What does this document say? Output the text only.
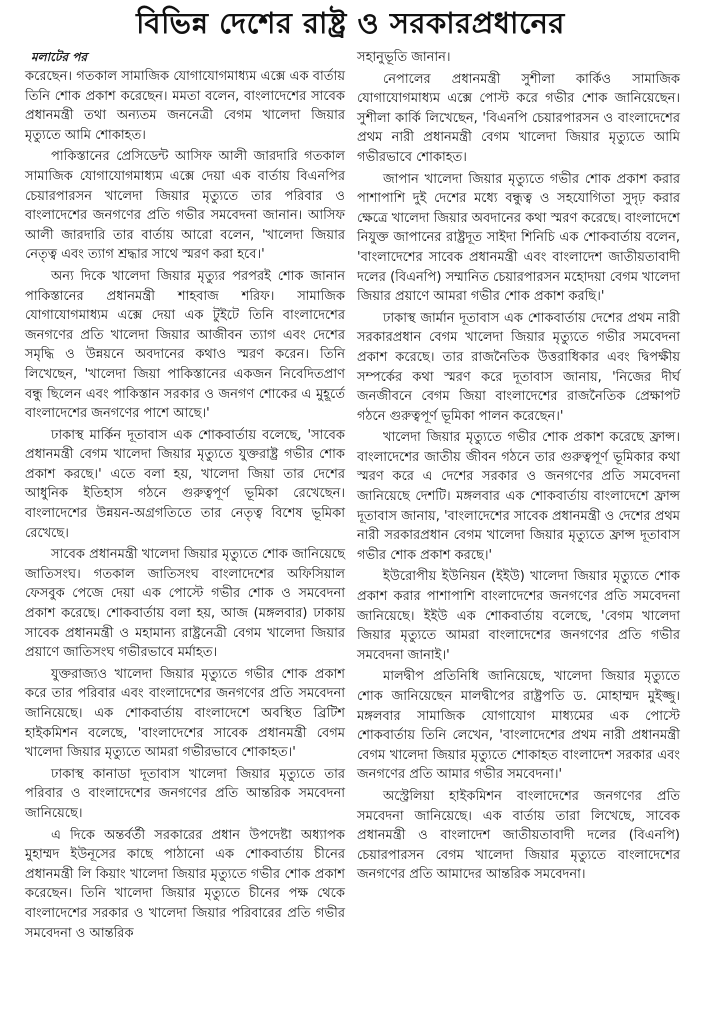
বিভিন্ন দেশের রাষ্ট্র ও সরকারপ্রধানের
মলাটের পর

করেছেন। গতকাল সামাজিক যোগাযোগমাধ্যম এক্সে এক বার্তায় তিনি শোক প্রকাশ করেছেন। মমতা বলেন, বাংলাদেশের সাবেক প্রধানমন্ত্রী তথা অন্যতম জননেত্রী বেগম খালেদা জিয়ার মৃত্যুতে আমি শোকাহত।

পাকিস্তানের প্রেসিডেন্ট আসিফ আলী জারদারি গতকাল সামাজিক যোগাযোগমাধ্যম এক্সে দেয়া এক বার্তায় বিএনপির চেয়ারপারসন খালেদা জিয়ার মৃত্যুতে তার পরিবার ও বাংলাদেশের জনগণের প্রতি গভীর সমবেদনা জানান। আসিফ আলী জারদারি তার বার্তায় আরো বলেন, 'খালেদা জিয়ার নেতৃত্ব এবং ত্যাগ শ্রদ্ধার সাথে স্মরণ করা হবে।'

অন্য দিকে খালেদা জিয়ার মৃত্যুর পরপরই শোক জানান পাকিস্তানের প্রধানমন্ত্রী শাহবাজ শরিফ। সামাজিক যোগাযোগমাধ্যম এক্সে দেয়া এক টুইটে তিনি বাংলাদেশের জনগণের প্রতি খালেদা জিয়ার আজীবন ত্যাগ এবং দেশের সমৃদ্ধি ও উন্নয়নে অবদানের কথাও স্মরণ করেন। তিনি লিখেছেন, 'খালেদা জিয়া পাকিস্তানের একজন নিবেদিতপ্রাণ বন্ধু ছিলেন এবং পাকিস্তান সরকার ও জনগণ শোকের এ মুহূর্তে বাংলাদেশের জনগণের পাশে আছে।'

ঢাকাস্থ মার্কিন দূতাবাস এক শোকবার্তায় বলেছে, 'সাবেক প্রধানমন্ত্রী বেগম খালেদা জিয়ার মৃত্যুতে যুক্তরাষ্ট্র গভীর শোক প্রকাশ করছে।' এতে বলা হয়, খালেদা জিয়া তার দেশের আধুনিক ইতিহাস গঠনে গুরুত্বপূর্ণ ভূমিকা রেখেছেন। বাংলাদেশের উন্নয়ন-অগ্রগতিতে তার নেতৃত্ব বিশেষ ভূমিকা রেখেছে।

সাবেক প্রধানমন্ত্রী খালেদা জিয়ার মৃত্যুতে শোক জানিয়েছে জাতিসংঘ। গতকাল জাতিসংঘ বাংলাদেশের অফিসিয়াল ফেসবুক পেজে দেয়া এক পোস্টে গভীর শোক ও সমবেদনা প্রকাশ করেছে। শোকবার্তায় বলা হয়, আজ (মঙ্গলবার) ঢাকায় সাবেক প্রধানমন্ত্রী ও মহামান্য রাষ্ট্রনেত্রী বেগম খালেদা জিয়ার প্রয়াণে জাতিসংঘ গভীরভাবে মর্মাহত।

যুক্তরাজ্যও খালেদা জিয়ার মৃত্যুতে গভীর শোক প্রকাশ করে তার পরিবার এবং বাংলাদেশের জনগণের প্রতি সমবেদনা জানিয়েছে। এক শোকবার্তায় বাংলাদেশে অবস্থিত ব্রিটিশ হাইকমিশন বলেছে, 'বাংলাদেশের সাবেক প্রধানমন্ত্রী বেগম খালেদা জিয়ার মৃত্যুতে আমরা গভীরভাবে শোকাহত।'

ঢাকাস্থ কানাডা দূতাবাস খালেদা জিয়ার মৃত্যুতে তার পরিবার ও বাংলাদেশের জনগণের প্রতি আন্তরিক সমবেদনা জানিয়েছে।

এ দিকে অন্তর্বর্তী সরকারের প্রধান উপদেষ্টা অধ্যাপক মুহাম্মদ ইউনূসের কাছে পাঠানো এক শোকবার্তায় চীনের প্রধানমন্ত্রী লি কিয়াং খালেদা জিয়ার মৃত্যুতে গভীর শোক প্রকাশ করেছেন। তিনি খালেদা জিয়ার মৃত্যুতে চীনের পক্ষ থেকে বাংলাদেশের সরকার ও খালেদা জিয়ার পরিবারের প্রতি গভীর সমবেদনা ও আন্তরিক

সহানুভূতি জানান।

নেপালের প্রধানমন্ত্রী সুশীলা কার্কিও সামাজিক যোগাযোগমাধ্যম এক্সে পোস্ট করে গভীর শোক জানিয়েছেন। সুশীলা কার্কি লিখেছেন, 'বিএনপি চেয়ারপারসন ও বাংলাদেশের প্রথম নারী প্রধানমন্ত্রী বেগম খালেদা জিয়ার মৃত্যুতে আমি গভীরভাবে শোকাহত।

জাপান খালেদা জিয়ার মৃত্যুতে গভীর শোক প্রকাশ করার পাশাপাশি দুই দেশের মধ্যে বন্ধুত্ব ও সহযোগিতা সুদৃঢ় করার ক্ষেত্রে খালেদা জিয়ার অবদানের কথা স্মরণ করেছে। বাংলাদেশে নিযুক্ত জাপানের রাষ্ট্রদূত সাইদা শিনিচি এক শোকবার্তায় বলেন, 'বাংলাদেশের সাবেক প্রধানমন্ত্রী এবং বাংলাদেশ জাতীয়তাবাদী দলের (বিএনপি) সম্মানিত চেয়ারপারসন মহোদয়া বেগম খালেদা জিয়ার প্রয়াণে আমরা গভীর শোক প্রকাশ করছি।'

ঢাকাস্থ জার্মান দূতাবাস এক শোকবার্তায় দেশের প্রথম নারী সরকারপ্রধান বেগম খালেদা জিয়ার মৃত্যুতে গভীর সমবেদনা প্রকাশ করেছে। তার রাজনৈতিক উত্তরাধিকার এবং দ্বিপক্ষীয় সম্পর্কের কথা স্মরণ করে দূতাবাস জানায়, 'নিজের দীর্ঘ জনজীবনে বেগম জিয়া বাংলাদেশের রাজনৈতিক প্রেক্ষাপট গঠনে গুরুত্বপূর্ণ ভূমিকা পালন করেছেন।'

খালেদা জিয়ার মৃত্যুতে গভীর শোক প্রকাশ করেছে ফ্রান্স। বাংলাদেশের জাতীয় জীবন গঠনে তার গুরুত্বপূর্ণ ভূমিকার কথা স্মরণ করে এ দেশের সরকার ও জনগণের প্রতি সমবেদনা জানিয়েছে দেশটি। মঙ্গলবার এক শোকবার্তায় বাংলাদেশে ফ্রান্স দূতাবাস জানায়, 'বাংলাদেশের সাবেক প্রধানমন্ত্রী ও দেশের প্রথম নারী সরকারপ্রধান বেগম খালেদা জিয়ার মৃত্যুতে ফ্রান্স দূতাবাস গভীর শোক প্রকাশ করছে।'

ইউরোপীয় ইউনিয়ন (ইইউ) খালেদা জিয়ার মৃত্যুতে শোক প্রকাশ করার পাশাপাশি বাংলাদেশের জনগণের প্রতি সমবেদনা জানিয়েছে। ইইউ এক শোকবার্তায় বলেছে, 'বেগম খালেদা জিয়ার মৃত্যুতে আমরা বাংলাদেশের জনগণের প্রতি গভীর সমবেদনা জানাই।'

মালদ্বীপ প্রতিনিধি জানিয়েছে, খালেদা জিয়ার মৃত্যুতে শোক জানিয়েছেন মালদ্বীপের রাষ্ট্রপতি ড. মোহাম্মদ মুইজ্জু। মঙ্গলবার সামাজিক যোগাযোগ মাধ্যমের এক পোস্টে শোকবার্তায় তিনি লেখেন, 'বাংলাদেশের প্রথম নারী প্রধানমন্ত্রী বেগম খালেদা জিয়ার মৃত্যুতে শোকাহত বাংলাদেশ সরকার এবং জনগণের প্রতি আমার গভীর সমবেদনা।'

অস্ট্রেলিয়া হাইকমিশন বাংলাদেশের জনগণের প্রতি সমবেদনা জানিয়েছে। এক বার্তায় তারা লিখেছে, সাবেক প্রধানমন্ত্রী ও বাংলাদেশ জাতীয়তাবাদী দলের (বিএনপি) চেয়ারপারসন বেগম খালেদা জিয়ার মৃত্যুতে বাংলাদেশের জনগণের প্রতি আমাদের আন্তরিক সমবেদনা।
